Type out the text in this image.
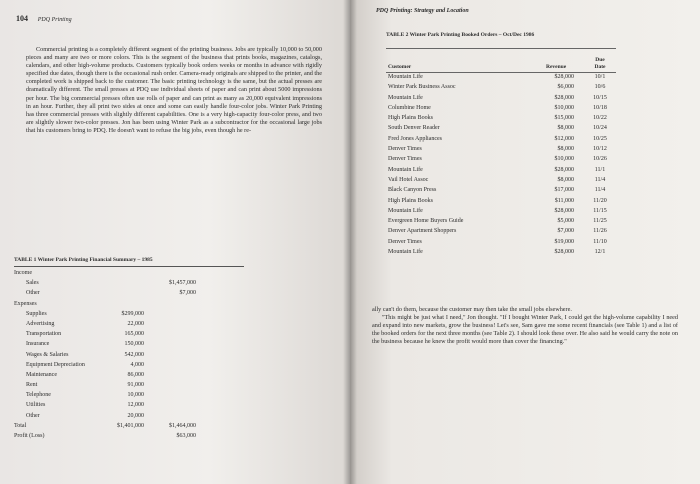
104 PDQ Printing

Commercial printing is a completely different segment of the printing business. Jobs are typically 10,000 to 50,000 pieces and many are two or more colors. This is the segment of the business that prints books, magazines, catalogs, calendars, and other high-volume products. Customers typically book orders weeks or months in advance with rigidly specified due dates, though there is the occasional rush order. Camera-ready originals are shipped to the printer, and the completed work is shipped back to the customer. The basic printing technology is the same, but the actual presses are dramatically different. The small presses at PDQ use individual sheets of paper and can print about 5000 impressions per hour. The big commercial presses often use rolls of paper and can print as many as 20,000 equivalent impressions in an hour. Further, they all print two sides at once and some can easily handle four-color jobs. Winter Park Printing has three commercial presses with slightly different capabilities. One is a very high-capacity four-color press, and two are slightly slower two-color presses. Jon has been using Winter Park as a subcontractor for the occasional large jobs that his customers bring to PDQ. He doesn't want to refuse the big jobs, even though he re-

TABLE 1 Winter Park Printing Financial Summary – 1985
Income
Sales	$1,457,000
Other	$7,000
Expenses
Supplies	$299,000
Advertising	22,000
Transportation	165,000
Insurance	150,000
Wages & Salaries	542,000
Equipment Depreciation	4,000
Maintenance	86,000
Rent	91,000
Telephone	10,000
Utilities	12,000
Other	20,000
Total	$1,401,000	$1,464,000
Profit (Loss)	$63,000
PDQ Printing: Strategy and Location
TABLE 2 Winter Park Printing Booked Orders – Oct/Dec 1986
Customer	Revenue
Due Date
Mountain Life	$28,000	10/1
Winter Park Business Assoc	$6,000	10/6
Mountain Life	$28,000	10/15
Columbine Home	$10,000	10/18
High Plains Books	$15,000	10/22
South Denver Reader	$8,000	10/24
Fred Jones Appliances	$12,000	10/25
Denver Times	$8,000	10/12
Denver Times	$10,000	10/26
Mountain Life	$28,000	11/1
Vail Hotel Assoc	$8,000	11/4
Black Canyon Press	$17,000	11/4
High Plains Books	$11,000	11/20
Mountain Life	$28,000	11/15
Evergreen Home Buyers Guide	$5,000	11/25
Denver Apartment Shoppers	$7,000	11/26
Denver Times	$19,000	11/10
Mountain Life	$28,000	12/1

ally can't do them, because the customer may then take the small jobs elsewhere.

"This might be just what I need," Jon thought. "If I bought Winter Park, I could get the high-volume capability I need and expand into new markets, grow the business! Let's see, Sam gave me some recent financials (see Table 1) and a list of the booked orders for the next three months (see Table 2). I should look these over. He also said he would carry the note on the business because he knew the profit would more than cover the financing."
